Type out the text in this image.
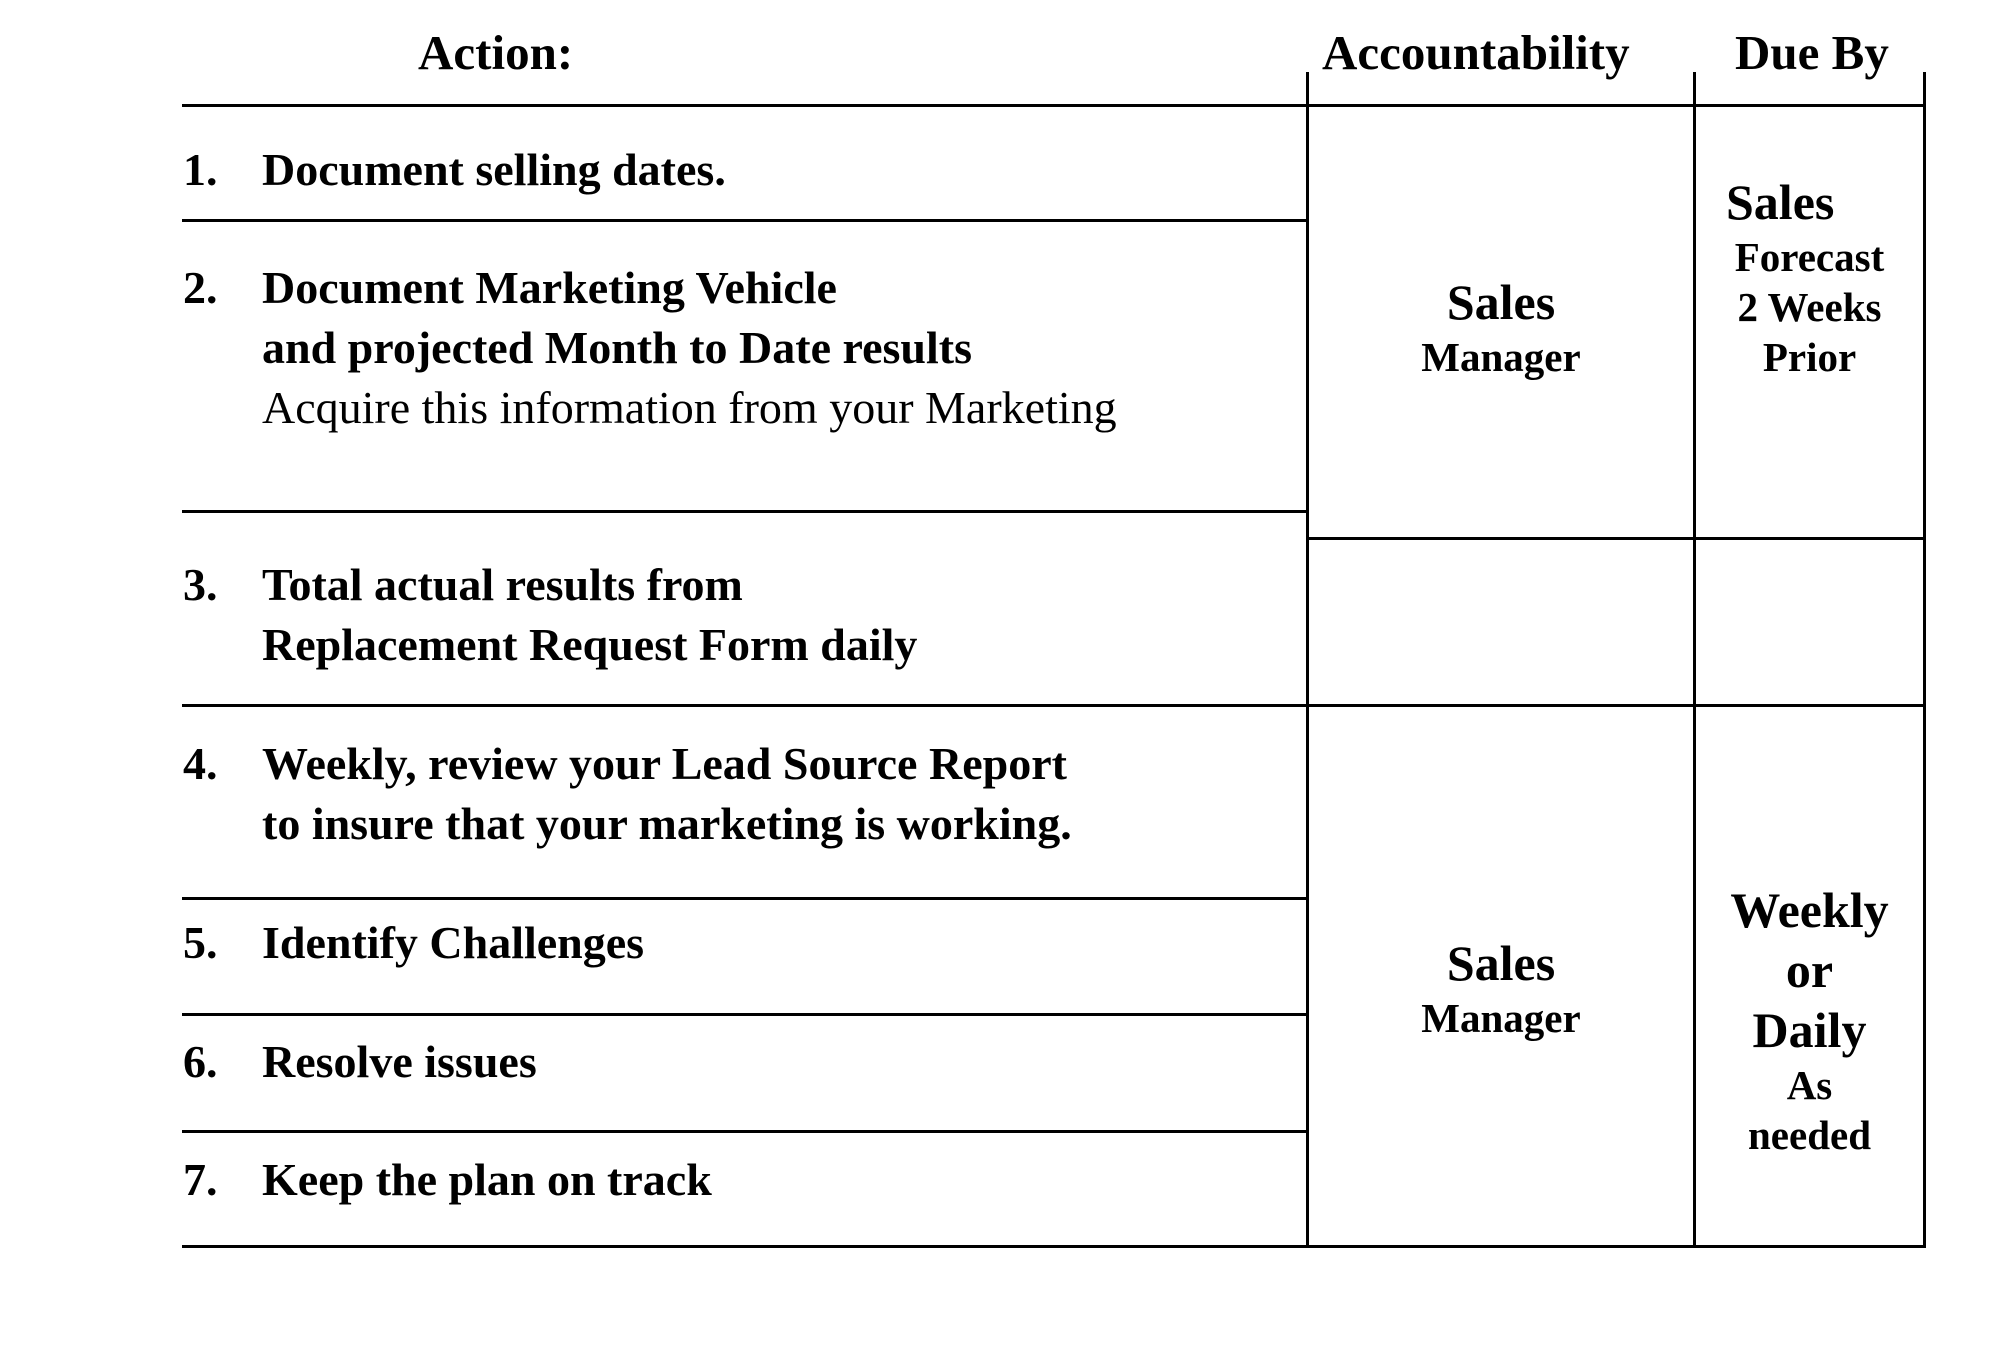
Action:	Accountability Due By
1. Document selling dates.
2. Document Marketing Vehicle
and projected Month to Date results
Acquire this information from your Marketing
3. Total actual results from
Replacement Request Form daily
4. Weekly, review your Lead Source Report
to insure that your marketing is working.
5. Identify Challenges
6. Resolve issues
7. Keep the plan on track
Sales
Manager
Sales
Manager
Sales
Forecast
2 Weeks
Prior
Weekly
or
Daily
As
needed
